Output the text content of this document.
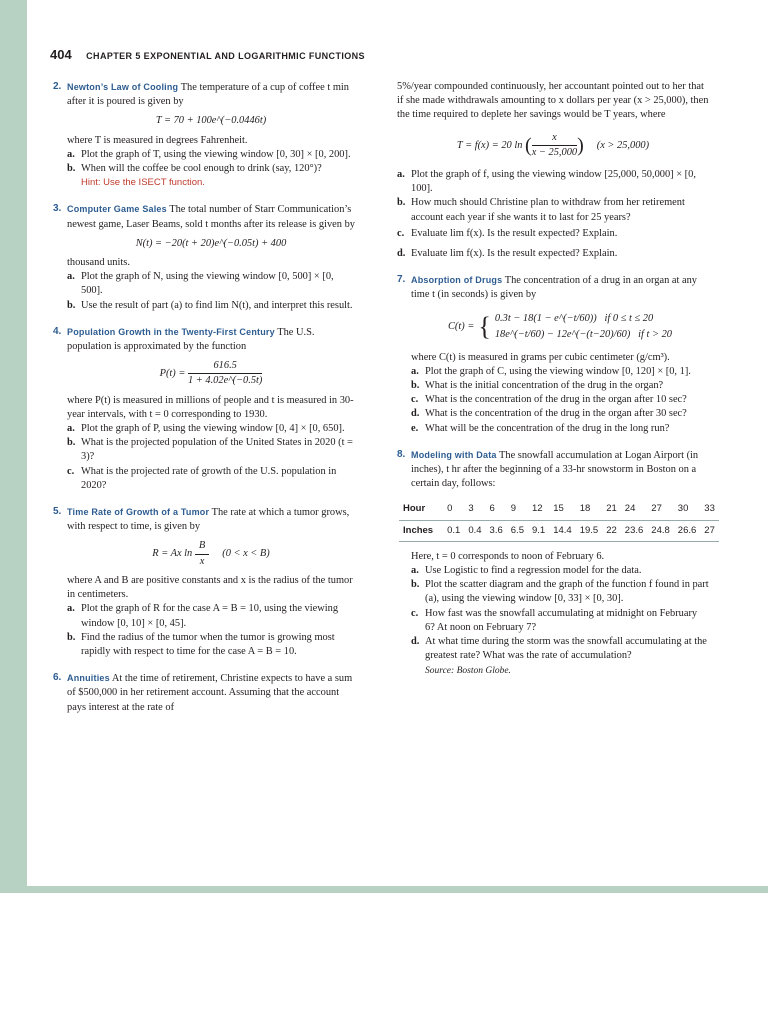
404 CHAPTER 5 EXPONENTIAL AND LOGARITHMIC FUNCTIONS
2. Newton’s Law of Cooling The temperature of a cup of coffee t min after it is poured is given by
T = 70 + 100e^(−0.0446t)
where T is measured in degrees Fahrenheit.
a. Plot the graph of T, using the viewing window [0, 30] × [0, 200].
b. When will the coffee be cool enough to drink (say, 120°)?
Hint: Use the ISECT function.
3. Computer Game Sales The total number of Starr Communication’s newest game, Laser Beams, sold t months after its release is given by
N(t) = −20(t + 20)e^(−0.05t) + 400
thousand units.
a. Plot the graph of N, using the viewing window [0, 500] × [0, 500].
b. Use the result of part (a) to find lim N(t), and interpret this result.
4. Population Growth in the Twenty-First Century The U.S. population is approximated by the function
$P(t) = \frac{616.5}{1 + 4.02e\^{}(-0.5t)}$
where P(t) is measured in millions of people and t is measured in 30-year intervals, with t = 0 corresponding to 1930.
a. Plot the graph of P, using the viewing window [0, 4] × [0, 650].
b. What is the projected population of the United States in 2020 (t = 3)?
c. What is the projected rate of growth of the U.S. population in 2020?
5. Time Rate of Growth of a Tumor The rate at which a tumor grows, with respect to time, is given by
R = Ax $\ln \frac{B}{x} (0 < x < B)$
where A and B are positive constants and x is the radius of the tumor in centimeters.
a. Plot the graph of R for the case A = B = 10, using the viewing window [0, 10] × [0, 45].
b. Find the radius of the tumor when the tumor is growing most rapidly with respect to time for the case A = B = 10.
6. Annuities At the time of retirement, Christine expects to have a sum of $500,000 in her retirement account. Assuming that the account pays interest at the rate of
5%/year compounded continuously, her accountant pointed out to her that if she made withdrawals amounting to x dollars per year (x > 25,000), then the time required to deplete her savings would be T years, where
T = f(x) = 20 ln ( $\frac{x}{x - 25,000}$ ) (x > 25,000)
a. Plot the graph of f, using the viewing window [25,000, 50,000] × [0, 100].
b. How much should Christine plan to withdraw from her retirement account each year if she wants it to last for 25 years?
c. Evaluate lim f(x). Is the result expected? Explain.
d. Evaluate lim f(x). Is the result expected? Explain.
7. Absorption of Drugs The concentration of a drug in an organ at any time t (in seconds) is given by
C(t) = { 0.3t − 18(1 − e^(−t/60)) if 0 ≤ t ≤ 20
18e^(−t/60) − 12e^(−(t−20)/60) if t > 20
where C(t) is measured in grams per cubic centimeter (g/cm³).
a. Plot the graph of C, using the viewing window [0, 120] × [0, 1].
b. What is the initial concentration of the drug in the organ?
c. What is the concentration of the drug in the organ after 10 sec?
d. What is the concentration of the drug in the organ after 30 sec?
e. What will be the concentration of the drug in the long run?
8. Modeling with Data The snowfall accumulation at Logan Airport (in inches), t hr after the beginning of a 33-hr snowstorm in Boston on a certain day, follows:
Hour	0	3	6	9	12	15	18	21	24	27	30	33
Inches	0.1	0.4	3.6	6.5	9.1	14.4	19.5	22	23.6	24.8	26.6	27
Here, t = 0 corresponds to noon of February 6.
a. Use Logistic to find a regression model for the data.
b. Plot the scatter diagram and the graph of the function f found in part (a), using the viewing window [0, 33] × [0, 30].
c. How fast was the snowfall accumulating at midnight on February 6? At noon on February 7?
d. At what time during the storm was the snowfall accumulating at the greatest rate? What was the rate of accumulation?
Source: Boston Globe.
